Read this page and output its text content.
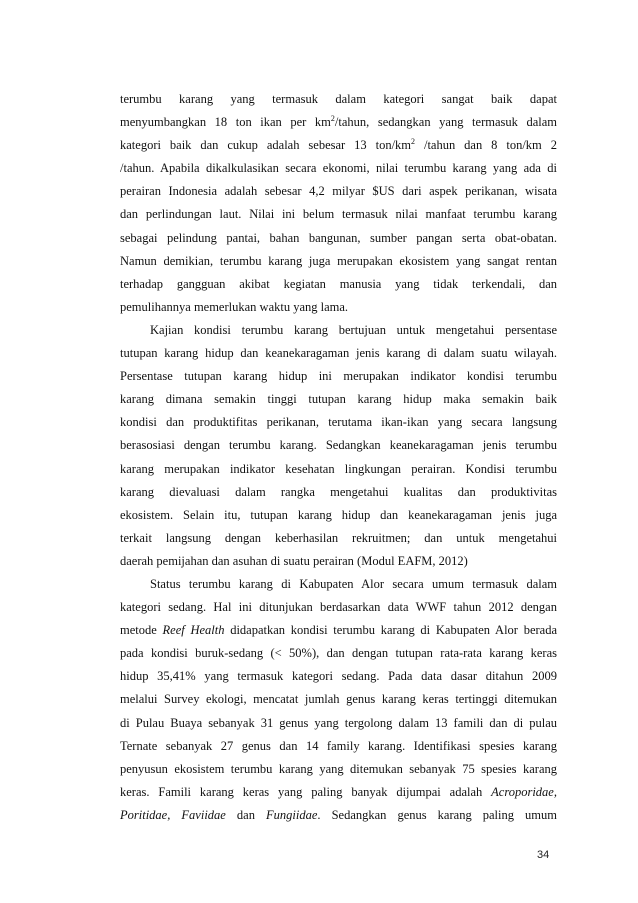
terumbu karang yang termasuk dalam kategori sangat baik dapat
menyumbangkan 18 ton ikan per $km^2$/tahun, sedangkan yang termasuk dalam
kategori baik dan cukup adalah sebesar 13 ton/$km^2$ /tahun dan 8 ton/km 2
/tahun. Apabila dikalkulasikan secara ekonomi, nilai terumbu karang yang ada di
perairan Indonesia adalah sebesar 4,2 milyar $US dari aspek perikanan, wisata
dan perlindungan laut. Nilai ini belum termasuk nilai manfaat terumbu karang
sebagai pelindung pantai, bahan bangunan, sumber pangan serta obat-obatan.
Namun demikian, terumbu karang juga merupakan ekosistem yang sangat rentan
terhadap gangguan akibat kegiatan manusia yang tidak terkendali, dan
pemulihannya memerlukan waktu yang lama.
Kajian kondisi terumbu karang bertujuan untuk mengetahui persentase
tutupan karang hidup dan keanekaragaman jenis karang di dalam suatu wilayah.
Persentase tutupan karang hidup ini merupakan indikator kondisi terumbu
karang dimana semakin tinggi tutupan karang hidup maka semakin baik
kondisi dan produktifitas perikanan, terutama ikan-ikan yang secara langsung
berasosiasi dengan terumbu karang. Sedangkan keanekaragaman jenis terumbu
karang merupakan indikator kesehatan lingkungan perairan. Kondisi terumbu
karang dievaluasi dalam rangka mengetahui kualitas dan produktivitas
ekosistem. Selain itu, tutupan karang hidup dan keanekaragaman jenis juga
terkait langsung dengan keberhasilan rekruitmen; dan untuk mengetahui
daerah pemijahan dan asuhan di suatu perairan (Modul EAFM, 2012)
Status terumbu karang di Kabupaten Alor secara umum termasuk dalam
kategori sedang. Hal ini ditunjukan berdasarkan data WWF tahun 2012 dengan
metode Reef Health didapatkan kondisi terumbu karang di Kabupaten Alor berada
pada kondisi buruk-sedang (< 50%), dan dengan tutupan rata-rata karang keras
hidup 35,41% yang termasuk kategori sedang. Pada data dasar ditahun 2009
melalui Survey ekologi, mencatat jumlah genus karang keras tertinggi ditemukan
di Pulau Buaya sebanyak 31 genus yang tergolong dalam 13 famili dan di pulau
Ternate sebanyak 27 genus dan 14 family karang. Identifikasi spesies karang
penyusun ekosistem terumbu karang yang ditemukan sebanyak 75 spesies karang
keras. Famili karang keras yang paling banyak dijumpai adalah Acroporidae,
Poritidae, Faviidae dan Fungiidae. Sedangkan genus karang paling umum
34
